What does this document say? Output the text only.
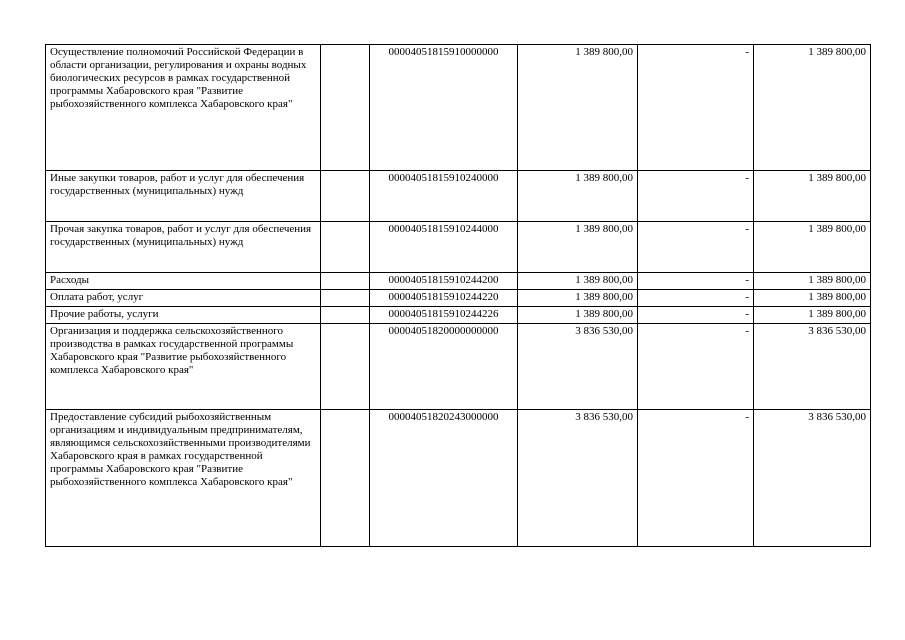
Осуществление полномочий Российской Федерации в области организации, регулирования и охраны водных биологических ресурсов в рамках государственной программы Хабаровского края "Развитие рыбохозяйственного комплекса Хабаровского края"		00004051815910000000	1 389 800,00	-	1 389 800,00
Иные закупки товаров, работ и услуг для обеспечения государственных (муниципальных) нужд		00004051815910240000	1 389 800,00	-	1 389 800,00
Прочая закупка товаров, работ и услуг для обеспечения государственных (муниципальных) нужд		00004051815910244000	1 389 800,00	-	1 389 800,00
Расходы		00004051815910244200	1 389 800,00	-	1 389 800,00
Оплата работ, услуг		00004051815910244220	1 389 800,00	-	1 389 800,00
Прочие работы, услуги		00004051815910244226	1 389 800,00	-	1 389 800,00
Организация и поддержка сельскохозяйственного производства в рамках государственной программы Хабаровского края "Развитие рыбохозяйственного комплекса Хабаровского края"		00004051820000000000	3 836 530,00	-	3 836 530,00
Предоставление субсидий рыбохозяйственным организациям и индивидуальным предпринимателям, являющимся сельскохозяйственными производителями Хабаровского края в рамках государственной программы Хабаровского края "Развитие рыбохозяйственного комплекса Хабаровского края"		00004051820243000000	3 836 530,00	-	3 836 530,00
